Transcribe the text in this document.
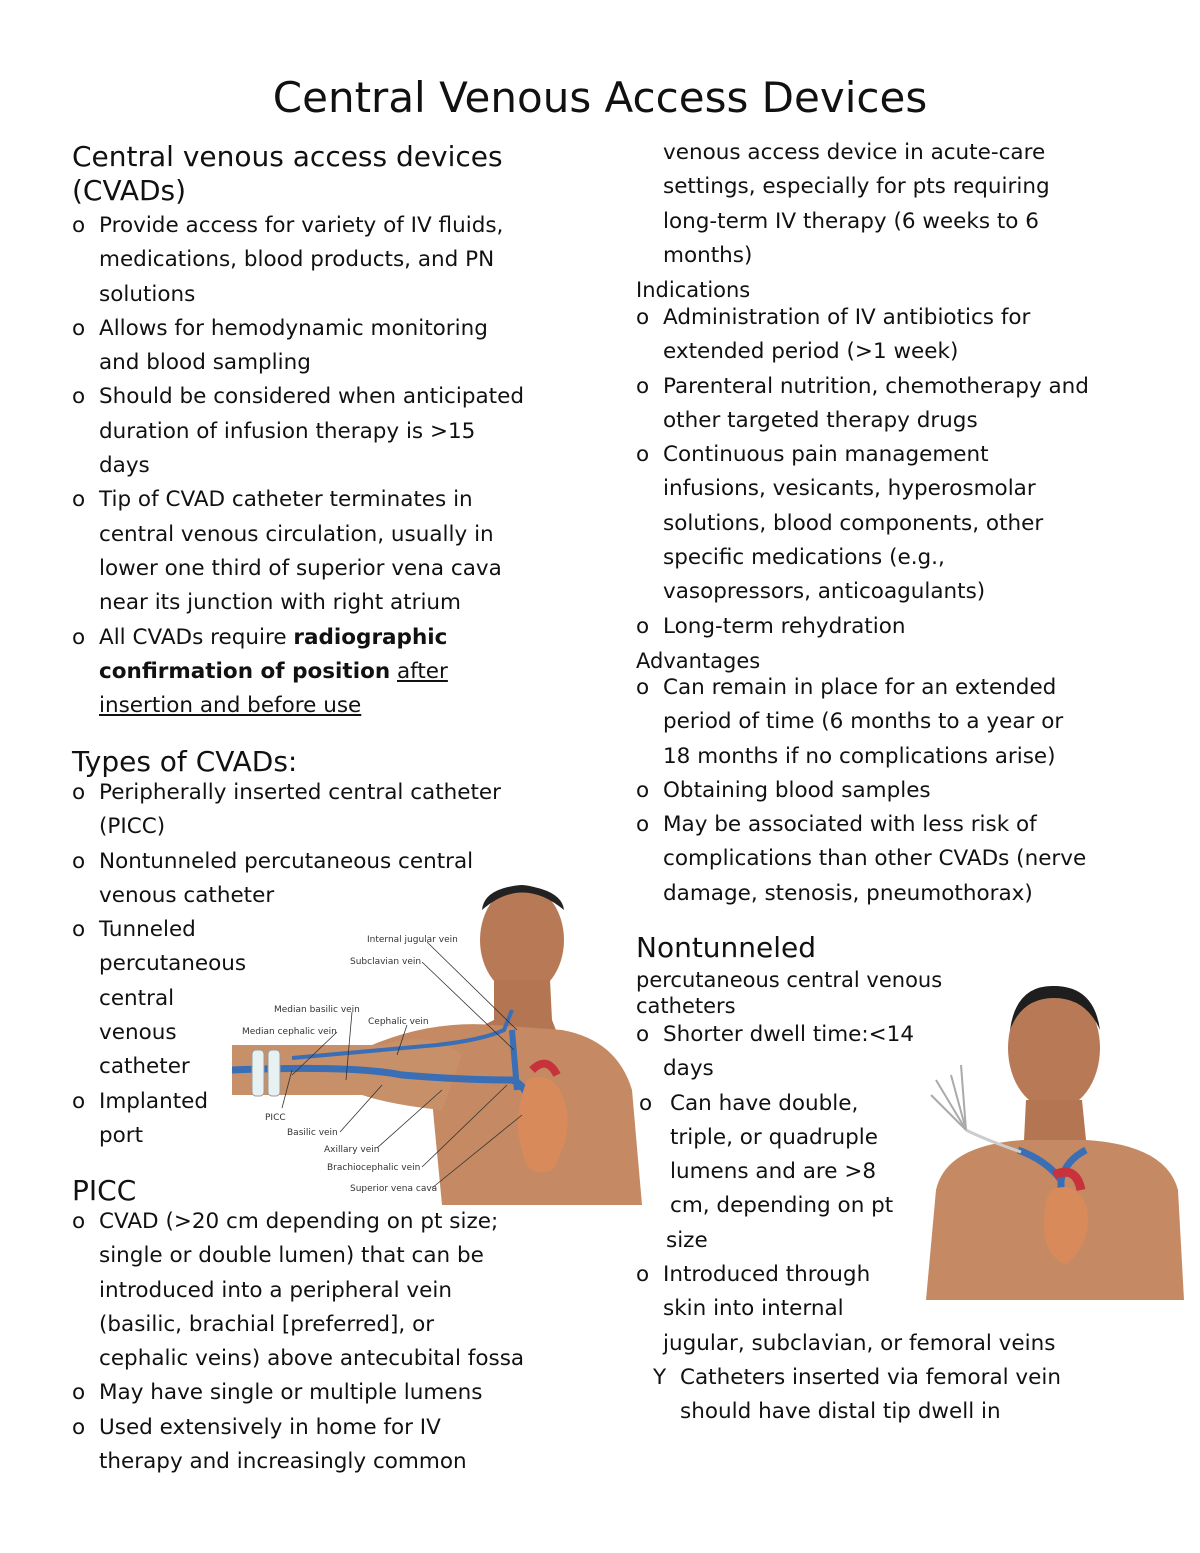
Central Venous Access Devices
Central venous access devices
(CVADs)
o Provide access for variety of IV fluids,
medications, blood products, and PN
solutions
o Allows for hemodynamic monitoring
and blood sampling
o Should be considered when anticipated
duration of infusion therapy is >15
days
o Tip of CVAD catheter terminates in
central venous circulation, usually in
lower one third of superior vena cava
near its junction with right atrium
o All CVADs require radiographic
confirmation of position after
insertion and before use
Types of CVADs:
o Peripherally inserted central catheter
(PICC)
o Nontunneled percutaneous central
venous catheter
o Tunneled
percutaneous
central
venous
catheter
o Implanted
port
PICC
o CVAD (>20 cm depending on pt size;
single or double lumen) that can be
introduced into a peripheral vein
(basilic, brachial [preferred], or
cephalic veins) above antecubital fossa
o May have single or multiple lumens
o Used extensively in home for IV
therapy and increasingly common
Internal jugular vein
Subclavian vein
Median basilic vein
Median cephalic vein
Cephalic vein
PICC
Basilic vein
Axillary vein
Brachiocephalic vein
Superior vena cava
venous access device in acute-care
settings, especially for pts requiring
long-term IV therapy (6 weeks to 6
months)
Indications
o Administration of IV antibiotics for
extended period (>1 week)
o Parenteral nutrition, chemotherapy and
other targeted therapy drugs
o Continuous pain management
infusions, vesicants, hyperosmolar
solutions, blood components, other
specific medications (e.g.,
vasopressors, anticoagulants)
o Long-term rehydration
Advantages
o Can remain in place for an extended
period of time (6 months to a year or
18 months if no complications arise)
o Obtaining blood samples
o May be associated with less risk of
complications than other CVADs (nerve
damage, stenosis, pneumothorax)
Nontunneled
percutaneous central venous
catheters
o Shorter dwell time:<14
days
o Can have double,
triple, or quadruple
lumens and are >8
cm, depending on pt
size
o Introduced through
skin into internal
jugular, subclavian, or femoral veins
Y Catheters inserted via femoral vein
should have distal tip dwell in
